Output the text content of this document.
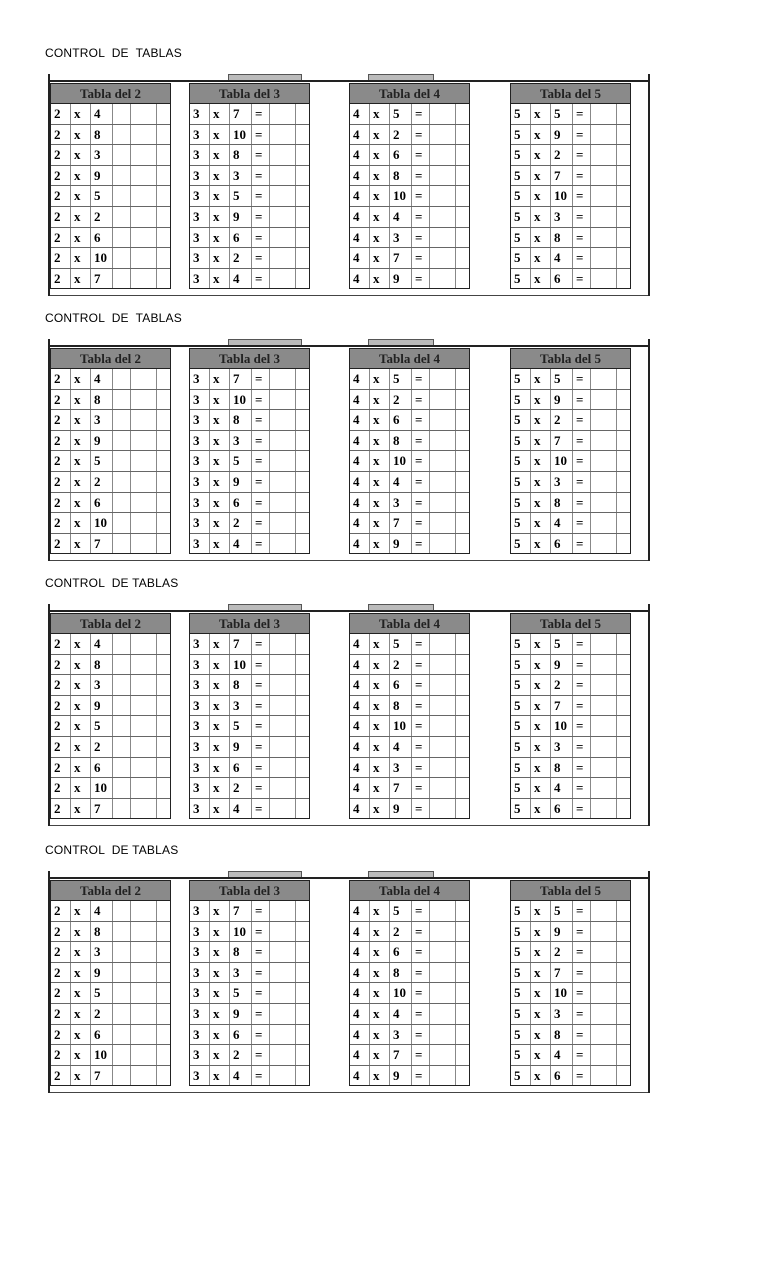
CONTROL  DE  TABLAS
Tabla del 2
2	x	4
2	x	8
2	x	3
2	x	9
2	x	5
2	x	2
2	x	6
2	x	10
2	x	7
Tabla del 3
3	x	7	=
3	x	10 =
3	x	8	=
3	x	3	=
3	x	5	=
3	x	9	=
3	x	6	=
3	x	2	=
3	x	4	=
Tabla del 4
4	x	5	=
4	x	2	=
4	x	6	=
4	x	8	=
4	x	10 =
4	x	4	=
4	x	3	=
4	x	7	=
4	x	9	=
Tabla del 5
5	x	5	=
5	x	9	=
5	x	2	=
5	x	7	=
5	x	10 =
5	x	3	=
5	x	8	=
5	x	4	=
5	x	6	=
CONTROL  DE  TABLAS
Tabla del 2
2	x	4
2	x	8
2	x	3
2	x	9
2	x	5
2	x	2
2	x	6
2	x	10
2	x	7
Tabla del 3
3	x	7	=
3	x	10 =
3	x	8	=
3	x	3	=
3	x	5	=
3	x	9	=
3	x	6	=
3	x	2	=
3	x	4	=
Tabla del 4
4	x	5	=
4	x	2	=
4	x	6	=
4	x	8	=
4	x	10 =
4	x	4	=
4	x	3	=
4	x	7	=
4	x	9	=
Tabla del 5
5	x	5	=
5	x	9	=
5	x	2	=
5	x	7	=
5	x	10 =
5	x	3	=
5	x	8	=
5	x	4	=
5	x	6	=
CONTROL  DE TABLAS
Tabla del 2
2	x	4
2	x	8
2	x	3
2	x	9
2	x	5
2	x	2
2	x	6
2	x	10
2	x	7
Tabla del 3
3	x	7	=
3	x	10 =
3	x	8	=
3	x	3	=
3	x	5	=
3	x	9	=
3	x	6	=
3	x	2	=
3	x	4	=
Tabla del 4
4	x	5	=
4	x	2	=
4	x	6	=
4	x	8	=
4	x	10 =
4	x	4	=
4	x	3	=
4	x	7	=
4	x	9	=
Tabla del 5
5	x	5	=
5	x	9	=
5	x	2	=
5	x	7	=
5	x	10 =
5	x	3	=
5	x	8	=
5	x	4	=
5	x	6	=
CONTROL  DE TABLAS
Tabla del 2
2	x	4
2	x	8
2	x	3
2	x	9
2	x	5
2	x	2
2	x	6
2	x	10
2	x	7
Tabla del 3
3	x	7	=
3	x	10 =
3	x	8	=
3	x	3	=
3	x	5	=
3	x	9	=
3	x	6	=
3	x	2	=
3	x	4	=
Tabla del 4
4	x	5	=
4	x	2	=
4	x	6	=
4	x	8	=
4	x	10 =
4	x	4	=
4	x	3	=
4	x	7	=
4	x	9	=
Tabla del 5
5	x	5	=
5	x	9	=
5	x	2	=
5	x	7	=
5	x	10 =
5	x	3	=
5	x	8	=
5	x	4	=
5	x	6	=
